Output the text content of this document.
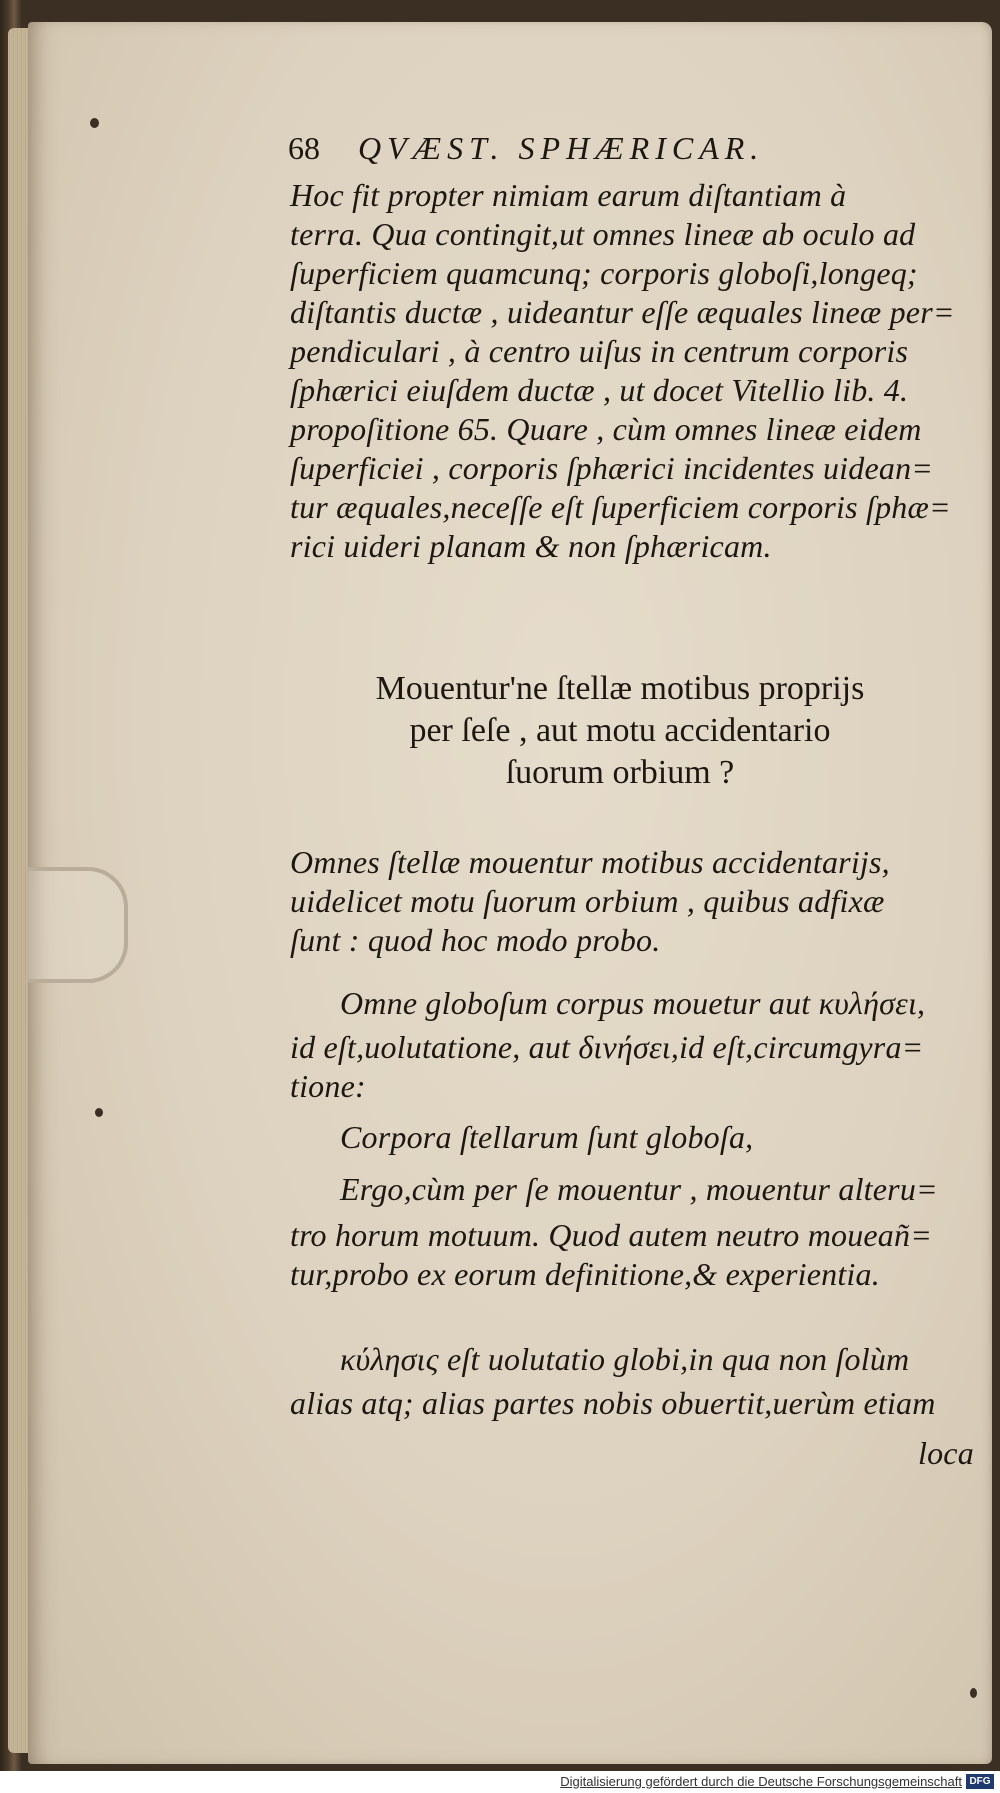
68 QVÆST. SPHÆRICAR.
Hoc fit propter nimiam earum diſtantiam à
terra. Qua contingit,ut omnes lineæ ab oculo ad
ſuperficiem quamcunq; corporis globoſi,longeq;
diſtantis ductæ , uideantur eſſe æquales lineæ per=
pendiculari , à centro uiſus in centrum corporis
ſphærici eiuſdem ductæ , ut docet Vitellio lib. 4.
propoſitione 65. Quare , cùm omnes lineæ eidem
ſuperficiei , corporis ſphærici incidentes uidean=
tur æquales,neceſſe eſt ſuperficiem corporis ſphæ=
rici uideri planam & non ſphæricam.
Mouentur'ne ſtellæ motibus proprijs
per ſeſe , aut motu accidentario
ſuorum orbium ?
Omnes ſtellæ mouentur motibus accidentarijs,
uidelicet motu ſuorum orbium , quibus adfixæ
ſunt : quod hoc modo probo.
Omne globoſum corpus mouetur aut κυλήσει,
id eſt,uolutatione, aut δινήσει,id eſt,circumgyra=
tione:
Corpora ſtellarum ſunt globoſa,
Ergo,cùm per ſe mouentur , mouentur alteru=
tro horum motuum. Quod autem neutro moueañ=
tur,probo ex eorum definitione,& experientia.
κύλησις eſt uolutatio globi,in qua non ſolùm
alias atq; alias partes nobis obuertit,uerùm etiam
loca
Digitalisierung gefördert durch die Deutsche Forschungsgemeinschaft DFG
